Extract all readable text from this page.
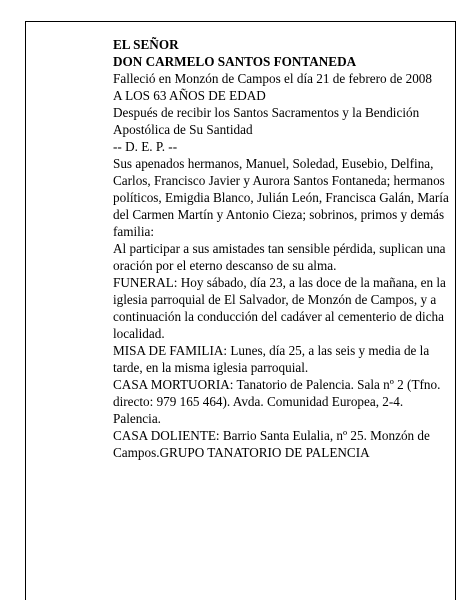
EL SEÑOR

DON CARMELO SANTOS FONTANEDA

Falleció en Monzón de Campos el día 21 de febrero de 2008

A LOS 63 AÑOS DE EDAD

Después de recibir los Santos Sacramentos y la Bendición Apostólica de Su Santidad

-- D. E. P. --

Sus apenados hermanos, Manuel, Soledad, Eusebio, Delfina, Carlos, Francisco Javier y Aurora Santos Fontaneda; hermanos políticos, Emigdia Blanco, Julián León, Francisca Galán, María del Carmen Martín y Antonio Cieza; sobrinos, primos y demás familia:

Al participar a sus amistades tan sensible pérdida, suplican una oración por el eterno descanso de su alma.

FUNERAL: Hoy sábado, día 23, a las doce de la mañana, en la iglesia parroquial de El Salvador, de Monzón de Campos, y a continuación la conducción del cadáver al cementerio de dicha localidad.

MISA DE FAMILIA: Lunes, día 25, a las seis y media de la tarde, en la misma iglesia parroquial.

CASA MORTUORIA: Tanatorio de Palencia. Sala nº 2 (Tfno. directo: 979 165 464). Avda. Comunidad Europea, 2-4. Palencia.

CASA DOLIENTE: Barrio Santa Eulalia, nº 25. Monzón de Campos.GRUPO TANATORIO DE PALENCIA
